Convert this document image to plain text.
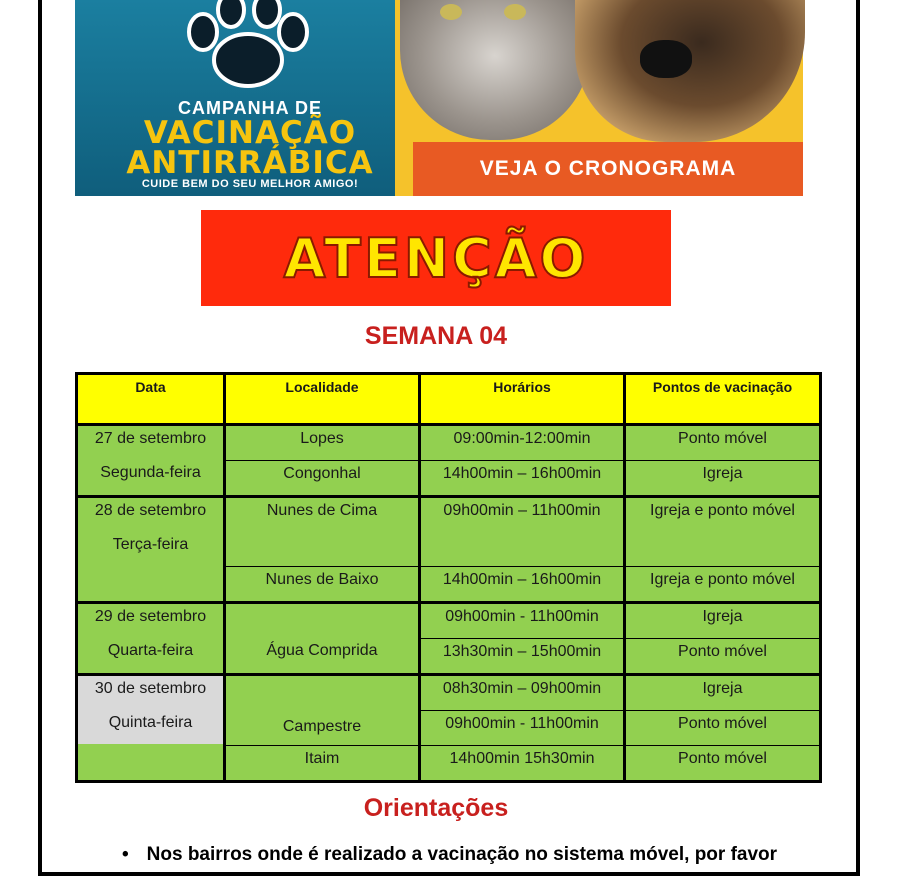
CAMPANHA DE
VACINAÇÃO
ANTIRRÁBICA
CUIDE BEM DO SEU MELHOR AMIGO!
VEJA O CRONOGRAMA
ATENÇÃO
SEMANA 04
Data	Localidade	Horários	Pontos de vacinação

27 de setembro
Segunda-feira	Lopes	09:00min-12:00min	Ponto móvel
	Congonhal	14h00min – 16h00min	Igreja

28 de setembro
Terça-feira	Nunes de Cima	09h00min – 11h00min	Igreja e ponto móvel
	Nunes de Baixo	14h00min – 16h00min	Igreja e ponto móvel

29 de setembro
Quarta-feira	Água Comprida	09h00min - 11h00min	Igreja
		13h30min – 15h00min	Ponto móvel

30 de setembro
Quinta-feira	Campestre	08h30min – 09h00min	Igreja
		09h00min - 11h00min	Ponto móvel
	Itaim	14h00min 15h30min	Ponto móvel
Orientações
• Nos bairros onde é realizado a vacinação no sistema móvel, por favor
